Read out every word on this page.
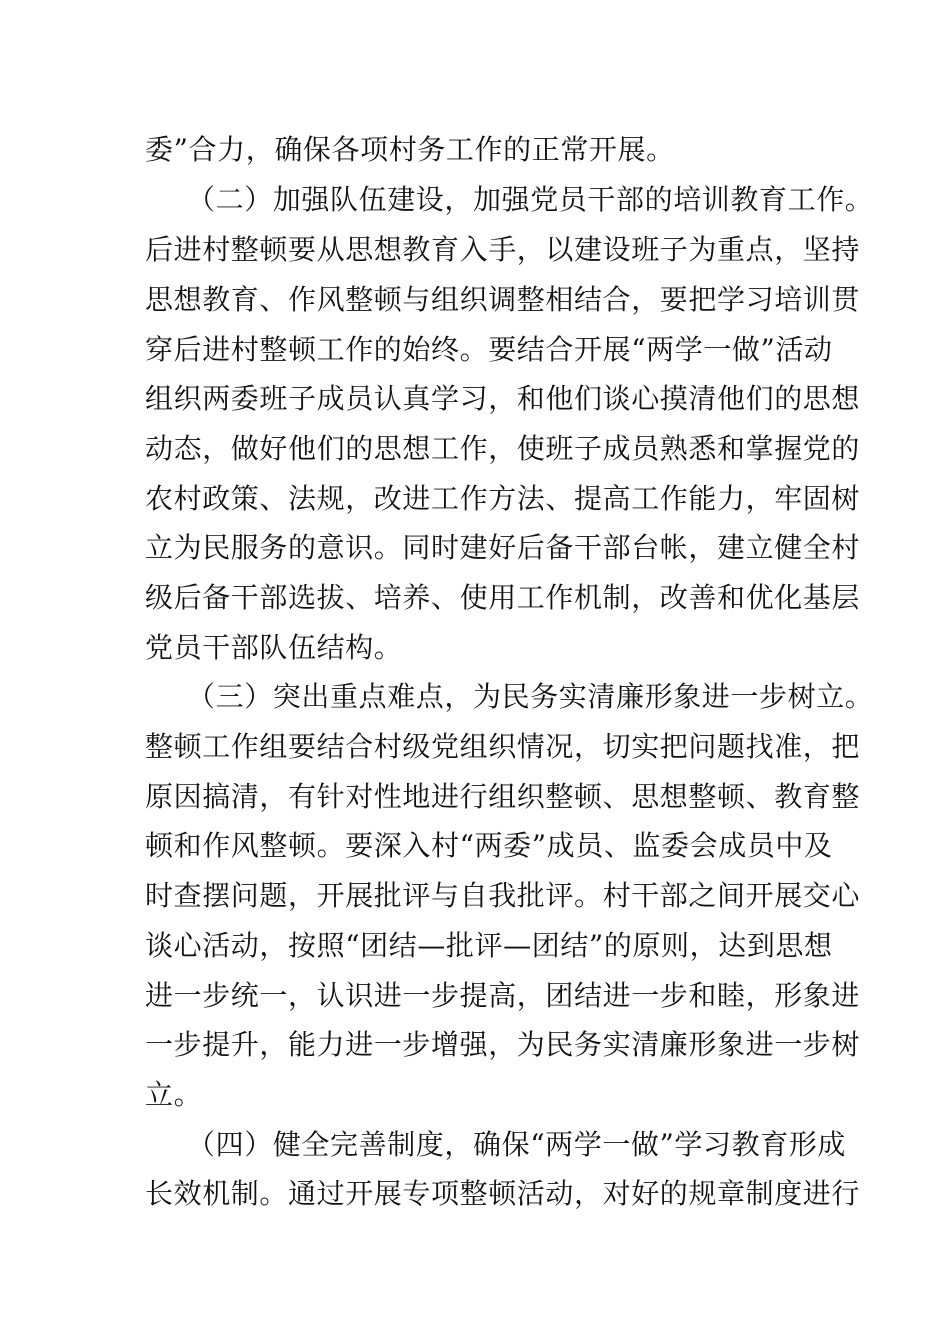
委”合力，确保各项村务工作的正常开展。
（二）加强队伍建设，加强党员干部的培训教育工作。
后进村整顿要从思想教育入手，以建设班子为重点，坚持
思想教育、作风整顿与组织调整相结合，要把学习培训贯
穿后进村整顿工作的始终。要结合开展“两学一做”活动
组织两委班子成员认真学习，和他们谈心摸清他们的思想
动态，做好他们的思想工作，使班子成员熟悉和掌握党的
农村政策、法规，改进工作方法、提高工作能力，牢固树
立为民服务的意识。同时建好后备干部台帐，建立健全村
级后备干部选拔、培养、使用工作机制，改善和优化基层
党员干部队伍结构。
（三）突出重点难点，为民务实清廉形象进一步树立。
整顿工作组要结合村级党组织情况，切实把问题找准，把
原因搞清，有针对性地进行组织整顿、思想整顿、教育整
顿和作风整顿。要深入村“两委”成员、监委会成员中及
时查摆问题，开展批评与自我批评。村干部之间开展交心
谈心活动，按照“团结—批评—团结”的原则，达到思想
进一步统一，认识进一步提高，团结进一步和睦，形象进
一步提升，能力进一步增强，为民务实清廉形象进一步树
立。
（四）健全完善制度，确保“两学一做”学习教育形成
长效机制。通过开展专项整顿活动，对好的规章制度进行
